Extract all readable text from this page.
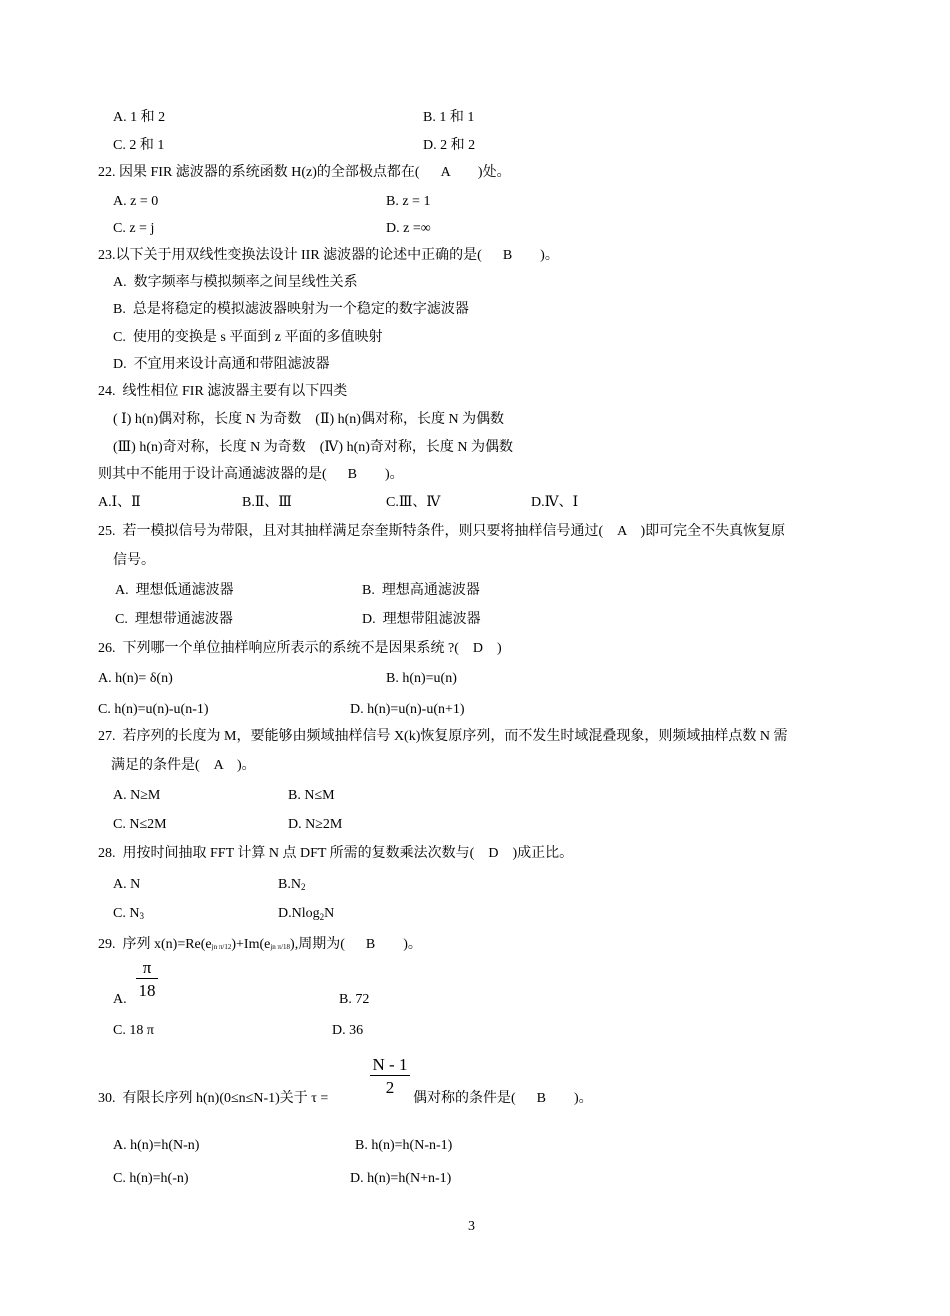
A. 1 和 2	B. 1 和 1
C. 2 和 1	D. 2 和 2
22. 因果 FIR 滤波器的系统函数 H(z)的全部极点都在(      A        )处。
A. z = 0	B. z = 1
C. z = j	D. z =∞
23.以下关于用双线性变换法设计 IIR 滤波器的论述中正确的是(      B        )。
A.  数字频率与模拟频率之间呈线性关系
B.  总是将稳定的模拟滤波器映射为一个稳定的数字滤波器
C.  使用的变换是 s 平面到 z 平面的多值映射
D.  不宜用来设计高通和带阻滤波器
24.  线性相位 FIR 滤波器主要有以下四类
( Ⅰ) h(n)偶对称，长度 N 为奇数    (Ⅱ) h(n)偶对称，长度 N 为偶数
(Ⅲ) h(n)奇对称，长度 N 为奇数    (Ⅳ) h(n)奇对称，长度 N 为偶数
则其中不能用于设计高通滤波器的是(      B        )。
A.Ⅰ、Ⅱ	B.Ⅱ、Ⅲ	C.Ⅲ、Ⅳ	D.Ⅳ、Ⅰ
25.  若一模拟信号为带限，且对其抽样满足奈奎斯特条件，则只要将抽样信号通过(    A    )即可完全不失真恢复原
信号。
A.  理想低通滤波器	B.  理想高通滤波器
C.  理想带通滤波器	D.  理想带阻滤波器
26.  下列哪一个单位抽样响应所表示的系统不是因果系统 ?(    D    )
A. h(n)= δ(n)	B. h(n)=u(n)
C. h(n)=u(n)-u(n-1)	D. h(n)=u(n)-u(n+1)
27.  若序列的长度为 M，要能够由频域抽样信号 X(k)恢复原序列，而不发生时域混叠现象，则频域抽样点数 N 需
满足的条件是(    A    )。
A. N≥M	B. N≤M
C. N≤2M	D. N≥2M
28.  用按时间抽取 FFT 计算 N 点 DFT 所需的复数乘法次数与(    D    )成正比。
A. N	B.N2
C. N3	D.Nlog$_2$N
29.  序列 x(n)=Re(ejn π/12)+Im(ejn π/18),周期为(      B        )。
A.
π
18	B. 72
C. 18 π	D. 36
30.  有限长序列 h(n)(0≤n≤N-1)关于 τ =
N - 1
2
偶对称的条件是(      B        )。
A. h(n)=h(N-n)	B. h(n)=h(N-n-1)
C. h(n)=h(-n)	D. h(n)=h(N+n-1)
3
